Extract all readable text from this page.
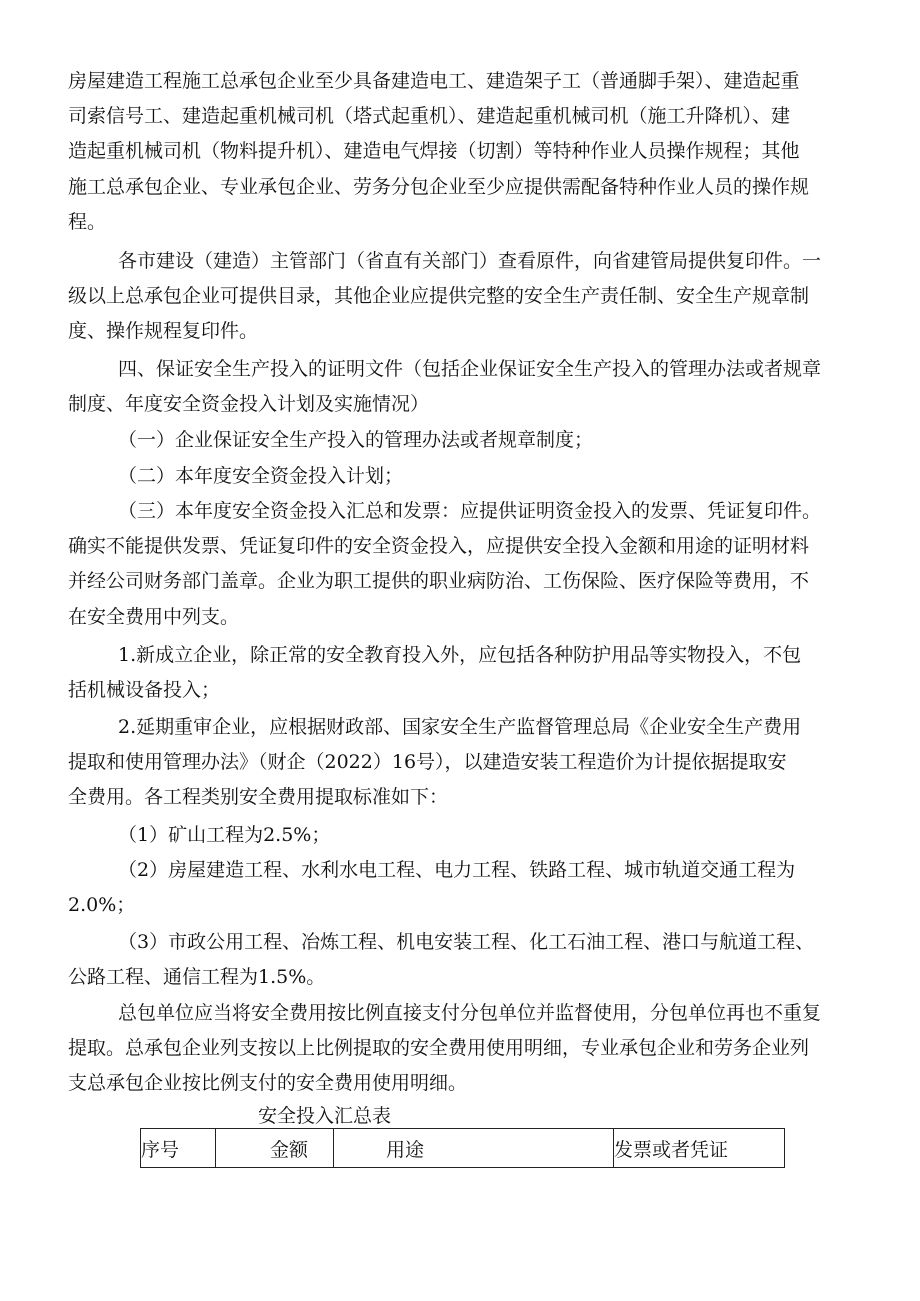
房屋建造工程施工总承包企业至少具备建造电工、建造架子工（普通脚手架）、建造起重
司索信号工、建造起重机械司机（塔式起重机）、建造起重机械司机（施工升降机）、建
造起重机械司机（物料提升机）、建造电气焊接（切割）等特种作业人员操作规程；其他
施工总承包企业、专业承包企业、劳务分包企业至少应提供需配备特种作业人员的操作规
程。
各市建设（建造）主管部门（省直有关部门）查看原件，向省建管局提供复印件。一
级以上总承包企业可提供目录，其他企业应提供完整的安全生产责任制、安全生产规章制
度、操作规程复印件。
四、保证安全生产投入的证明文件（包括企业保证安全生产投入的管理办法或者规章
制度、年度安全资金投入计划及实施情况）
（一）企业保证安全生产投入的管理办法或者规章制度；
（二）本年度安全资金投入计划；
（三）本年度安全资金投入汇总和发票：应提供证明资金投入的发票、凭证复印件。
确实不能提供发票、凭证复印件的安全资金投入，应提供安全投入金额和用途的证明材料
并经公司财务部门盖章。企业为职工提供的职业病防治、工伤保险、医疗保险等费用，不
在安全费用中列支。
1.新成立企业，除正常的安全教育投入外，应包括各种防护用品等实物投入，不包
括机械设备投入；
2.延期重审企业，应根据财政部、国家安全生产监督管理总局《企业安全生产费用
提取和使用管理办法》（财企（2022）16号），以建造安装工程造价为计提依据提取安
全费用。各工程类别安全费用提取标准如下：
（1）矿山工程为2.5%；
（2）房屋建造工程、水利水电工程、电力工程、铁路工程、城市轨道交通工程为
2.0%；
（3）市政公用工程、冶炼工程、机电安装工程、化工石油工程、港口与航道工程、
公路工程、通信工程为1.5%。
总包单位应当将安全费用按比例直接支付分包单位并监督使用，分包单位再也不重复
提取。总承包企业列支按以上比例提取的安全费用使用明细，专业承包企业和劳务企业列
支总承包企业按比例支付的安全费用使用明细。
安全投入汇总表
序号	金额	用途	发票或者凭证
